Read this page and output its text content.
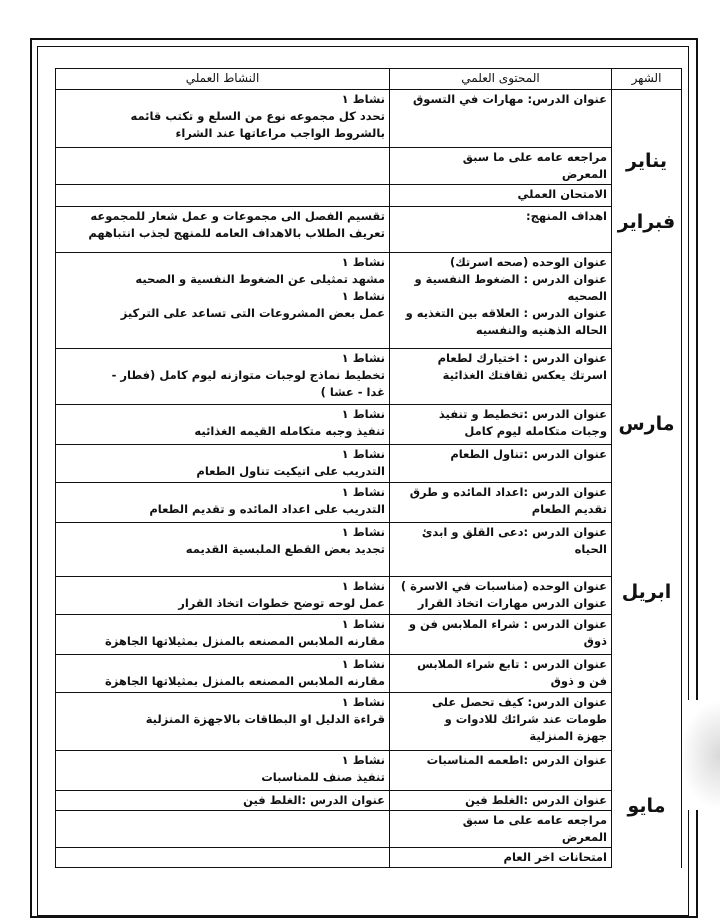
الشهر	المحتوى العلمي	النشاط العملي

يناير	عنوان الدرس: مهارات في التسوق	نشاط ١
تحدد كل مجموعه نوع من السلع و تكتب قائمه
بالشروط الواجب مراعاتها عند الشراء

	مراجعه عامه على ما سبق
المعرض	

	الامتحان العملي	

فبراير	اهداف المنهج:	تقسيم الفصل الى مجموعات و عمل شعار للمجموعه
تعريف الطلاب بالاهداف العامه للمنهج لجذب انتباههم

مارس	عنوان الوحده (صحه اسرتك)
عنوان الدرس : الضغوط النفسية و
الصحيه
عنوان الدرس : العلاقه بين التغذيه و
الحاله الذهنيه والنفسيه	نشاط ١
مشهد تمثيلى عن الضغوط النفسية و الصحيه
نشاط ١
عمل بعض المشروعات التى تساعد على التركيز

	عنوان الدرس : اختيارك لطعام
اسرتك يعكس ثقافتك الغذائية	نشاط ١
تخطيط نماذج لوجبات متوازنه ليوم كامل (فطار -
غدا - عشا )

	عنوان الدرس :تخطيط و تنفيذ
وجبات متكامله ليوم كامل	نشاط ١
تنفيذ وجبه متكامله القيمه الغذائيه

	عنوان الدرس :تناول الطعام	نشاط ١
التدريب على اتيكيت تناول الطعام

	عنوان الدرس :اعداد المائده و طرق
تقديم الطعام	نشاط ١
التدريب على اعداد المائده و تقديم الطعام

	عنوان الدرس :دعى القلق و ابدئ
الحياه	نشاط ١
تجديد بعض القطع الملبسية القديمه

ابريل	عنوان الوحده (مناسبات في الاسرة )
عنوان الدرس مهارات اتخاذ القرار	نشاط ١
عمل لوحه توضح خطوات اتخاذ القرار

	عنوان الدرس : شراء الملابس فن و
ذوق	نشاط ١
مقارنه الملابس المصنعه بالمنزل بمثيلاتها الجاهزة

	عنوان الدرس : تابع شراء الملابس
فن و ذوق	نشاط ١
مقارنه الملابس المصنعه بالمنزل بمثيلاتها الجاهزة

	عنوان الدرس: كيف تحصل على
طومات عند شرائك للادوات و
جهزة المنزلية	نشاط ١
قراءة الدليل او البطاقات بالاجهزة المنزلية

	عنوان الدرس :اطعمه المناسبات	نشاط ١
تنفيذ صنف للمناسبات

مايو	عنوان الدرس :الغلط فين	عنوان الدرس :الغلط فين

	مراجعه عامه على ما سبق
المعرض	

	امتحانات اخر العام	
